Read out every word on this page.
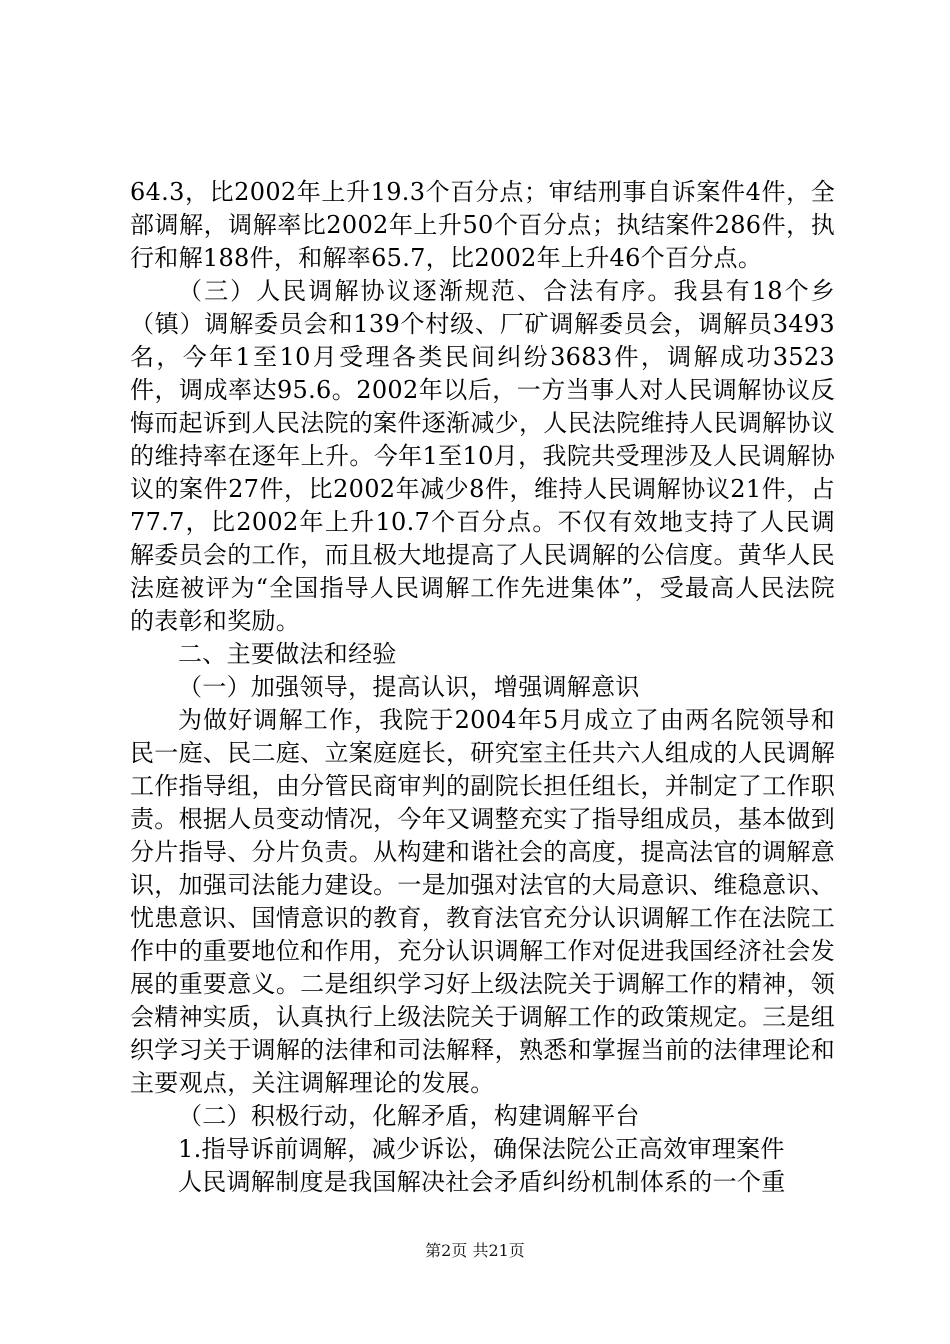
64.3，比2002年上升19.3个百分点；审结刑事自诉案件4件，全部调解，调解率比2002年上升50个百分点；执结案件286件，执行和解188件，和解率65.7，比2002年上升46个百分点。

（三）人民调解协议逐渐规范、合法有序。我县有18个乡（镇）调解委员会和139个村级、厂矿调解委员会，调解员3493名，今年1至10月受理各类民间纠纷3683件，调解成功3523件，调成率达95.6。2002年以后，一方当事人对人民调解协议反悔而起诉到人民法院的案件逐渐减少，人民法院维持人民调解协议的维持率在逐年上升。今年1至10月，我院共受理涉及人民调解协议的案件27件，比2002年减少8件，维持人民调解协议21件，占77.7，比2002年上升10.7个百分点。不仅有效地支持了人民调解委员会的工作，而且极大地提高了人民调解的公信度。黄华人民法庭被评为“全国指导人民调解工作先进集体”，受最高人民法院的表彰和奖励。

二、主要做法和经验

（一）加强领导，提高认识，增强调解意识

为做好调解工作，我院于2004年5月成立了由两名院领导和民一庭、民二庭、立案庭庭长，研究室主任共六人组成的人民调解工作指导组，由分管民商审判的副院长担任组长，并制定了工作职责。根据人员变动情况，今年又调整充实了指导组成员，基本做到分片指导、分片负责。从构建和谐社会的高度，提高法官的调解意识，加强司法能力建设。一是加强对法官的大局意识、维稳意识、忧患意识、国情意识的教育，教育法官充分认识调解工作在法院工作中的重要地位和作用，充分认识调解工作对促进我国经济社会发展的重要意义。二是组织学习好上级法院关于调解工作的精神，领会精神实质，认真执行上级法院关于调解工作的政策规定。三是组织学习关于调解的法律和司法解释，熟悉和掌握当前的法律理论和主要观点，关注调解理论的发展。

（二）积极行动，化解矛盾，构建调解平台

1.指导诉前调解，减少诉讼，确保法院公正高效审理案件

人民调解制度是我国解决社会矛盾纠纷机制体系的一个重

第2页 共21页
